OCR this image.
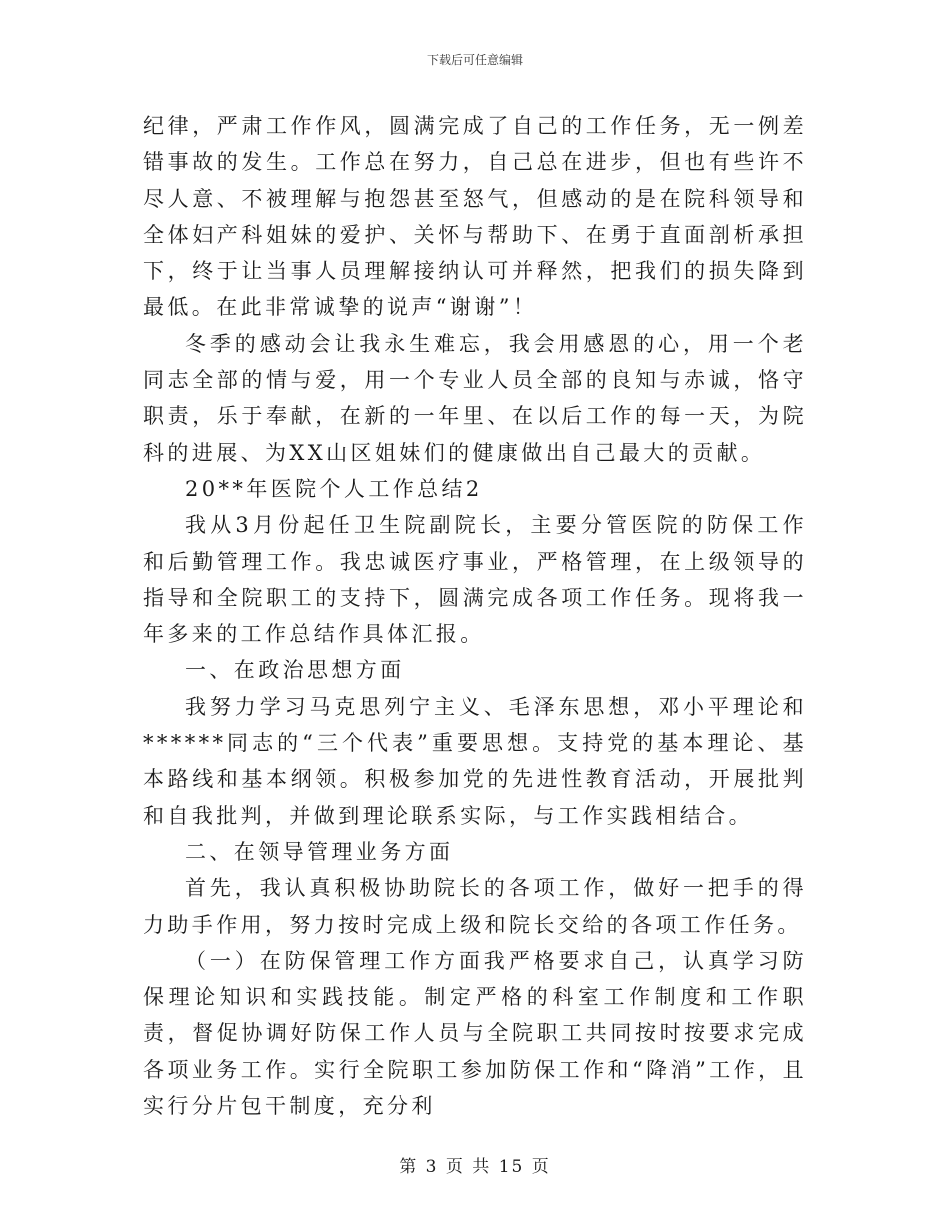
下载后可任意编辑

纪律，严肃工作作风，圆满完成了自己的工作任务，无一例差错事故的发生。工作总在努力，自己总在进步，但也有些许不尽人意、不被理解与抱怨甚至怒气，但感动的是在院科领导和全体妇产科姐妹的爱护、关怀与帮助下、在勇于直面剖析承担下，终于让当事人员理解接纳认可并释然，把我们的损失降到最低。在此非常诚挚的说声“谢谢”！

冬季的感动会让我永生难忘，我会用感恩的心，用一个老同志全部的情与爱，用一个专业人员全部的良知与赤诚，恪守职责，乐于奉献，在新的一年里、在以后工作的每一天，为院科的进展、为XX山区姐妹们的健康做出自己最大的贡献。

20**年医院个人工作总结2

我从3月份起任卫生院副院长，主要分管医院的防保工作和后勤管理工作。我忠诚医疗事业，严格管理，在上级领导的指导和全院职工的支持下，圆满完成各项工作任务。现将我一年多来的工作总结作具体汇报。

一、在政治思想方面

我努力学习马克思列宁主义、毛泽东思想，邓小平理论和******同志的“三个代表”重要思想。支持党的基本理论、基本路线和基本纲领。积极参加党的先进性教育活动，开展批判和自我批判，并做到理论联系实际，与工作实践相结合。

二、在领导管理业务方面

首先，我认真积极协助院长的各项工作，做好一把手的得力助手作用，努力按时完成上级和院长交给的各项工作任务。

（一）在防保管理工作方面我严格要求自己，认真学习防保理论知识和实践技能。制定严格的科室工作制度和工作职责，督促协调好防保工作人员与全院职工共同按时按要求完成各项业务工作。实行全院职工参加防保工作和“降消”工作，且实行分片包干制度，充分利

第 3 页 共 15 页
